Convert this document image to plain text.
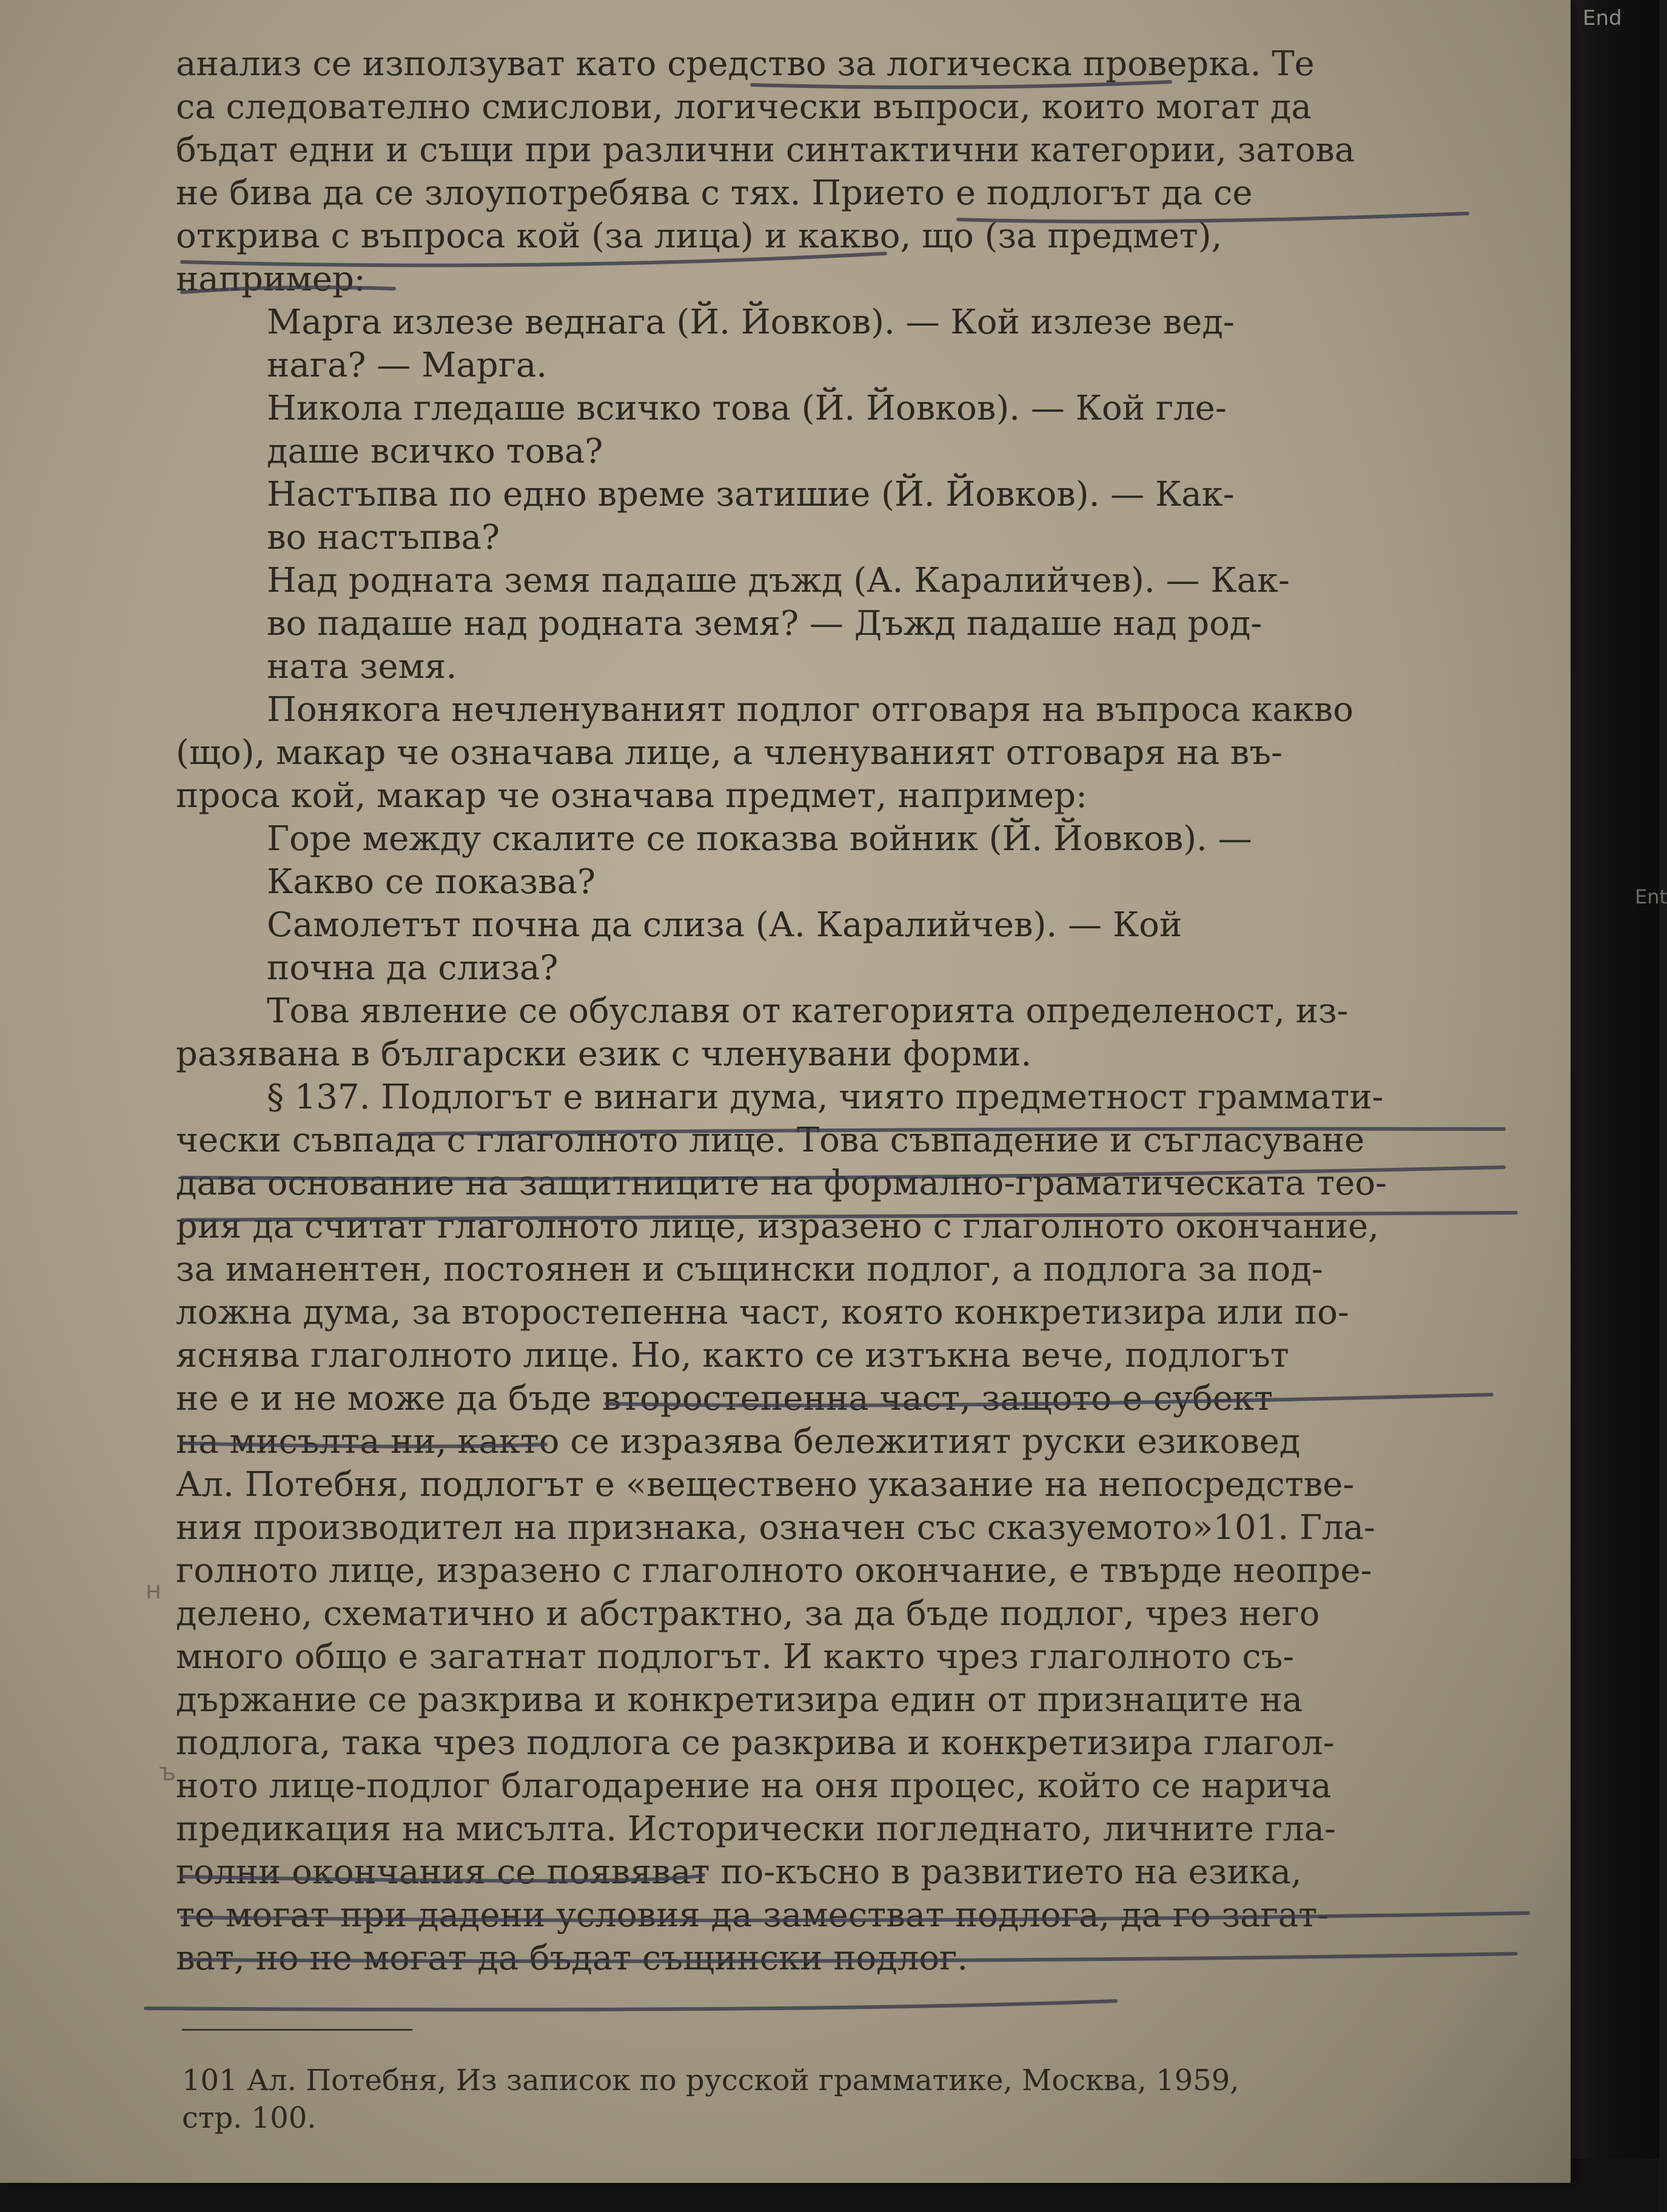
End
Ent
анализ се използуват като средство за логическа проверка. Те
са следователно смислови, логически въпроси, които могат да
бъдат едни и същи при различни синтактични категории, затова
не бива да се злоупотребява с тях. Прието е подлогът да се
открива с въпроса кой (за лица) и какво, що (за предмет),
например:
Марга излезе веднага (Й. Йовков). — Кой излезе вед-
нага? — Марга.
Никола гледаше всичко това (Й. Йовков). — Кой гле-
даше всичко това?
Настъпва по едно време затишие (Й. Йовков). — Как-
во настъпва?
Над родната земя падаше дъжд (А. Каралийчев). — Как-
во падаше над родната земя? — Дъжд падаше над род-
ната земя.
Понякога нечленуваният подлог отговаря на въпроса какво
(що), макар че означава лице, а членуваният отговаря на въ-
проса кой, макар че означава предмет, например:
Горе между скалите се показва войник (Й. Йовков). —
Какво се показва?
Самолетът почна да слиза (А. Каралийчев). — Кой
почна да слиза?
Това явление се обуславя от категорията определеност, из-
разявана в български език с членувани форми.
§ 137. Подлогът е винаги дума, чиято предметност граммати-
чески съвпада с глаголното лице. Това съвпадение и съгласуване
дава основание на защитниците на формално-граматическата тео-
рия да считат глаголното лице, изразено с глаголното окончание,
за иманентен, постоянен и същински подлог, а подлога за под-
ложна дума, за второстепенна част, която конкретизира или по-
яснява глаголното лице. Но, както се изтъкна вече, подлогът
не е и не може да бъде второстепенна част, защото е субект
на мисълта ни, както се изразява бележитият руски езиковед
Ал. Потебня, подлогът е «вещественo указание на непосредстве-
ния производител на признака, означен със сказуемото»101. Гла-
голното лице, изразено с глаголното окончание, е твърде неопре-
делено, схематично и абстрактно, за да бъде подлог, чрез него
много общо е загатнат подлогът. И както чрез глаголното съ-
държание се разкрива и конкретизира един от признаците на
подлога, така чрез подлога се разкрива и конкретизира глагол-
ното лице-подлог благодарение на оня процес, който се нарича
предикация на мисълта. Исторически погледнато, личните гла-
голни окончания се появяват по-късно в развитието на езика,
те могат при дадени условия да заместват подлога, да го загат-
ват, но не могат да бъдат същински подлог.
101 Ал. Потебня, Из записок по русской грамматике, Москва, 1959,
стр. 100.
н
ъ
